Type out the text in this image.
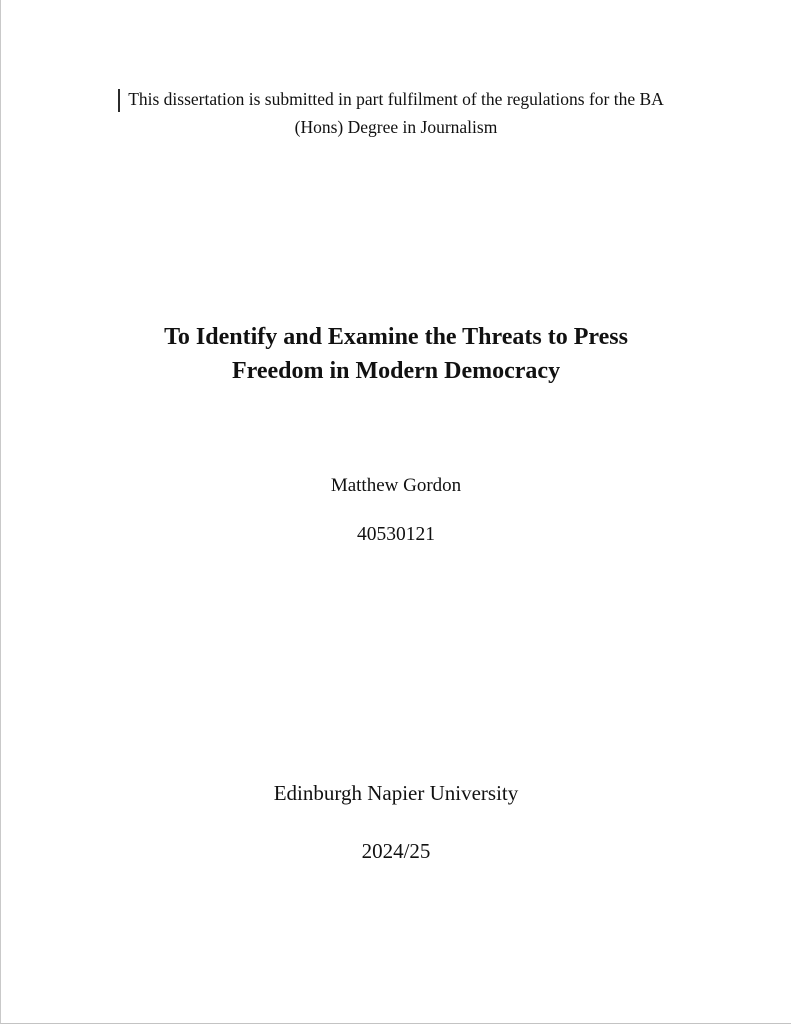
This dissertation is submitted in part fulfilment of the regulations for the BA
(Hons) Degree in Journalism
To Identify and Examine the Threats to Press
Freedom in Modern Democracy
Matthew Gordon
40530121
Edinburgh Napier University
2024/25
